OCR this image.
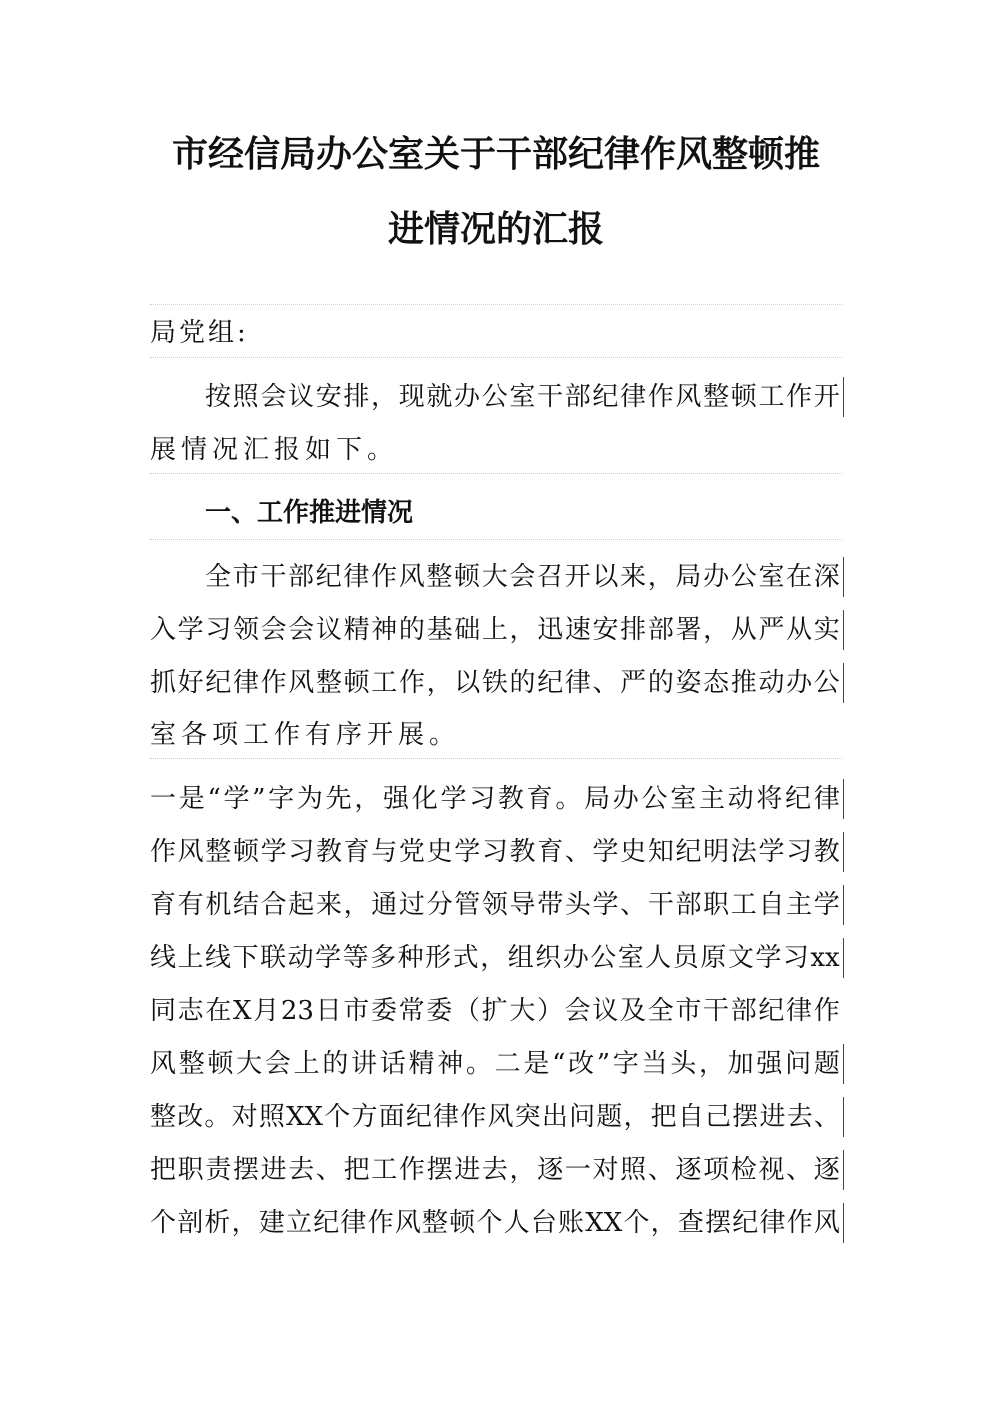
市经信局办公室关于干部纪律作风整顿推
进情况的汇报

局党组:

按 照 会 议 安 排 ， 现 就 办 公 室 干 部 纪 律 作 风 整 顿 工 作 开

展情况汇报如下。

一、工作推进情况

全 市 干 部 纪 律 作 风 整 顿 大 会 召 开 以 来 ， 局 办 公 室 在 深

入 学 习 领 会 会 议 精 神 的 基 础 上 ， 迅 速 安 排 部 署 ， 从 严 从 实

抓 好 纪 律 作 风 整 顿 工 作 ， 以 铁 的 纪 律 、 严 的 姿 态 推 动 办 公

室各项工作有序开展。

一 是 “ 学 ” 字 为 先 ， 强 化 学 习 教 育 。 局 办 公 室 主 动 将 纪 律

作 风 整 顿 学 习 教 育 与 党 史 学 习 教 育 、 学 史 知 纪 明 法 学 习 教

育 有 机 结 合 起 来 ， 通 过 分 管 领 导 带 头 学 、 干 部 职 工 自 主 学

线 上 线 下 联 动 学 等 多 种 形 式 ， 组 织 办 公 室 人 员 原 文 学 习 xx

同 志 在 X 月 23 日 市 委 常 委 （ 扩 大 ） 会 议 及 全 市 干 部 纪 律 作

风 整 顿 大 会 上 的 讲 话 精 神 。 二 是 “ 改 ” 字 当 头 ， 加 强 问 题

整 改 。 对 照 XX 个 方 面 纪 律 作 风 突 出 问 题 ， 把 自 己 摆 进 去 、

把 职 责 摆 进 去 、 把 工 作 摆 进 去 ， 逐 一 对 照 、 逐 项 检 视 、 逐

个 剖 析 ， 建 立 纪 律 作 风 整 顿 个 人 台 账 XX 个 ， 查 摆 纪 律 作 风
